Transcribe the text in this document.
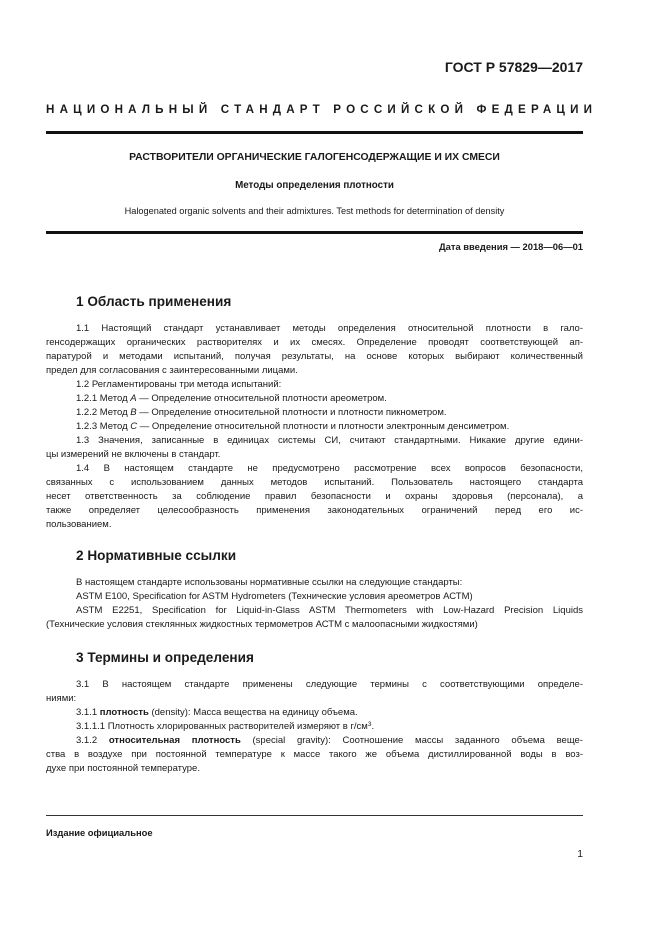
ГОСТ Р 57829—2017
НАЦИОНАЛЬНЫЙ СТАНДАРТ РОССИЙСКОЙ ФЕДЕРАЦИИ
РАСТВОРИТЕЛИ ОРГАНИЧЕСКИЕ ГАЛОГЕНСОДЕРЖАЩИЕ И ИХ СМЕСИ
Методы определения плотности
Halogenated organic solvents and their admixtures. Test methods for determination of density
Дата введения — 2018—06—01
1 Область применения
1.1 Настоящий стандарт устанавливает методы определения относительной плотности в гало-
генсодержащих органических растворителях и их смесях. Определение проводят соответствующей ап-
паратурой и методами испытаний, получая результаты, на основе которых выбирают количественный
предел для согласования с заинтересованными лицами.
1.2 Регламентированы три метода испытаний:
1.2.1 Метод А — Определение относительной плотности ареометром.
1.2.2 Метод В — Определение относительной плотности и плотности пикнометром.
1.2.3 Метод С — Определение относительной плотности и плотности электронным денсиметром.
1.3 Значения, записанные в единицах системы СИ, считают стандартными. Никакие другие едини-
цы измерений не включены в стандарт.
1.4 В настоящем стандарте не предусмотрено рассмотрение всех вопросов безопасности,
связанных с использованием данных методов испытаний. Пользователь настоящего стандарта
несет ответственность за соблюдение правил безопасности и охраны здоровья (персонала), а
также определяет целесообразность применения законодательных ограничений перед его ис-
пользованием.
2 Нормативные ссылки
В настоящем стандарте использованы нормативные ссылки на следующие стандарты:
ASTM E100, Specification for ASTM Hydrometers (Технические условия ареометров АСТМ)
ASTM E2251, Specification for Liquid-in-Glass ASTM Thermometers with Low-Hazard Precision Liquids
(Технические условия стеклянных жидкостных термометров АСТМ с малоопасными жидкостями)
3 Термины и определения
3.1 В настоящем стандарте применены следующие термины с соответствующими определе-
ниями:
3.1.1 плотность (density): Масса вещества на единицу объема.
3.1.1.1 Плотность хлорированных растворителей измеряют в $г/см^3$.
3.1.2 относительная плотность (special gravity): Соотношение массы заданного объема веще-
ства в воздухе при постоянной температуре к массе такого же объема дистиллированной воды в воз-
духе при постоянной температуре.
Издание официальное
1
